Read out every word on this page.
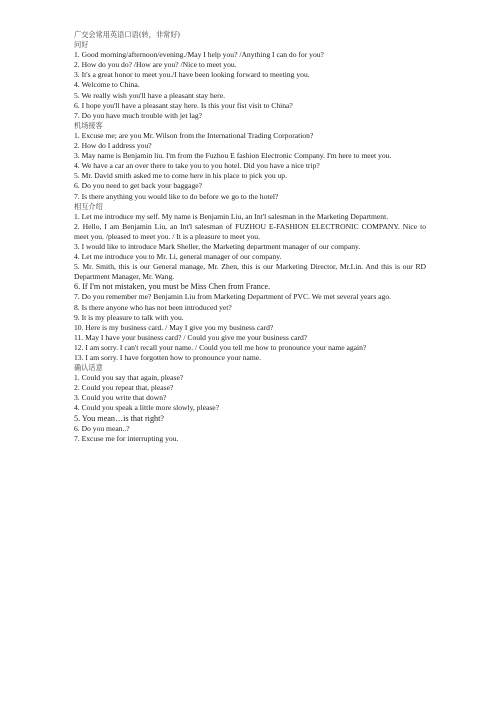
广交会常用英语口语(转，非常好)

问好

1. Good morning/afternoon/evening./May I help you? /Anything I can do for you?

2. How do you do? /How are you? /Nice to meet you.

3. It's a great honor to meet you./I have been looking forward to meeting you.

4. Welcome to China.

5. We really wish you'll have a pleasant stay here.

6. I hope you'll have a pleasant stay here. Is this your fist visit to China?

7. Do you have much trouble with jet lag?

机场接客

1. Excuse me; are you Mr. Wilson from the International Trading Corporation?

2. How do I address you?

3. May name is Benjamin liu. I'm from the Fuzhou E fashion Electronic Company. I'm here to meet you.

4. We have a car an over there to take you to you hotel. Did you have a nice trip?

5. Mr. David smith asked me to come here in his place to pick you up.

6. Do you need to get back your baggage?

7. Is there anything you would like to do before we go to the hotel?

相互介绍

1. Let me introduce my self. My name is Benjamin Liu, an Int'l salesman in the Marketing Department.

2. Hello, I am Benjamin Liu, an Int'l salesman of FUZHOU E-FASHION ELECTRONIC COMPANY. Nice to meet you. /pleased to meet you. / It is a pleasure to meet you.

3. I would like to introduce Mark Sheller, the Marketing department manager of our company.

4. Let me introduce you to Mr. Li, general manager of our company.

5. Mr. Smith, this is our General manage, Mr. Zhen, this is our Marketing Director, Mr.Lin. And this is our RD Department Manager, Mr. Wang.

6. If I'm not mistaken, you must be Miss Chen from France.

7. Do you remember me? Benjamin Liu from Marketing Department of PVC. We met several years ago.

8. Is there anyone who has not been introduced yet?

9. It is my pleasure to talk with you.

10. Here is my business card. / May I give you my business card?

11. May I have your business card? / Could you give me your business card?

12. I am sorry. I can't recall your name. / Could you tell me how to pronounce your name again?

13. I am sorry. I have forgotten how to pronounce your name.

确认话意

1. Could you say that again, please?

2. Could you repeat that, please?

3. Could you write that down?

4. Could you speak a little more slowly, please?

5. You mean…is that right?

6. Do you mean..?

7. Excuse me for interrupting you.
